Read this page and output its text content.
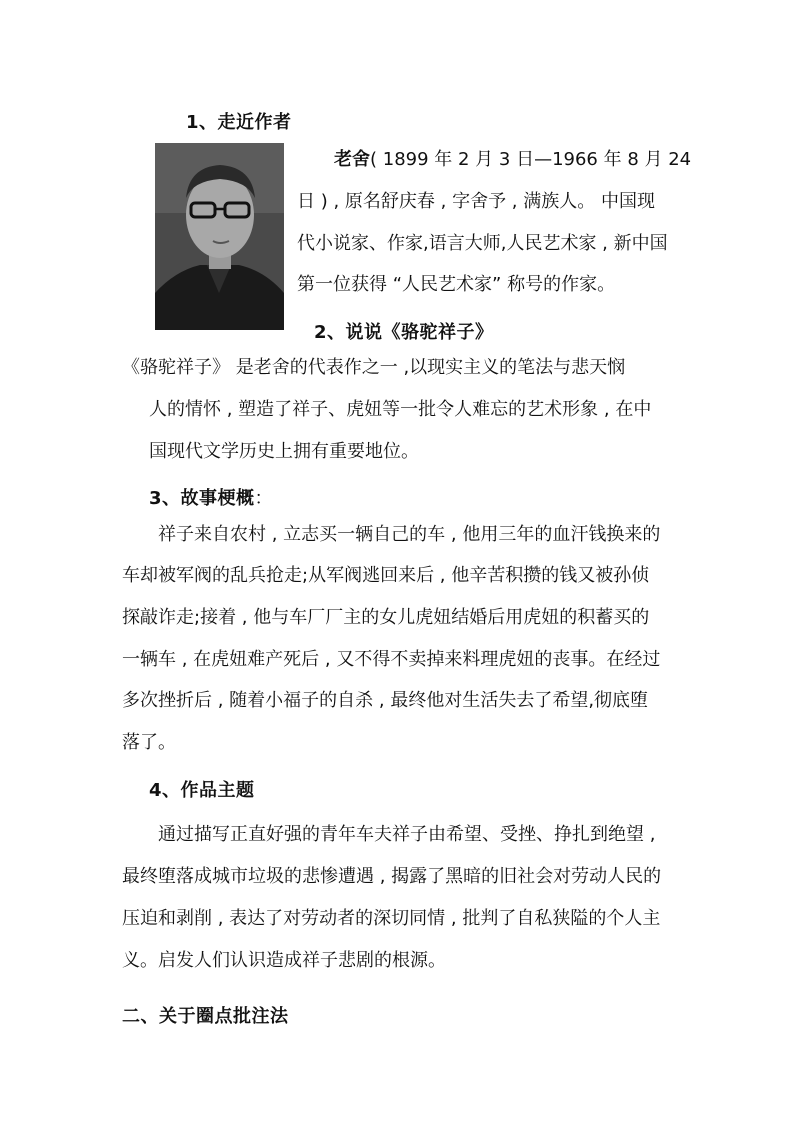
1、走近作者
老舍( 1899 年 2 月 3 日—1966 年 8 月 24
日 ) , 原名舒庆春 , 字舍予 , 满族人。 中国现
代小说家、作家,语言大师,人民艺术家 , 新中国
第一位获得 “人民艺术家” 称号的作家。
2、说说《骆驼祥子》
《骆驼祥子》 是老舍的代表作之一 ,以现实主义的笔法与悲天悯
人的情怀 , 塑造了祥子、虎妞等一批令人难忘的艺术形象 , 在中
国现代文学历史上拥有重要地位。
3、故事梗概：
祥子来自农村 , 立志买一辆自己的车 , 他用三年的血汗钱换来的
车却被军阀的乱兵抢走;从军阀逃回来后 , 他辛苦积攒的钱又被孙侦
探敲诈走;接着 , 他与车厂厂主的女儿虎妞结婚后用虎妞的积蓄买的
一辆车 , 在虎妞难产死后 , 又不得不卖掉来料理虎妞的丧事。在经过
多次挫折后 , 随着小福子的自杀 , 最终他对生活失去了希望,彻底堕
落了。
4、作品主题
通过描写正直好强的青年车夫祥子由希望、受挫、挣扎到绝望 ,
最终堕落成城市垃圾的悲惨遭遇 , 揭露了黑暗的旧社会对劳动人民的
压迫和剥削 , 表达了对劳动者的深切同情 , 批判了自私狭隘的个人主
义。启发人们认识造成祥子悲剧的根源。
二、关于圈点批注法
